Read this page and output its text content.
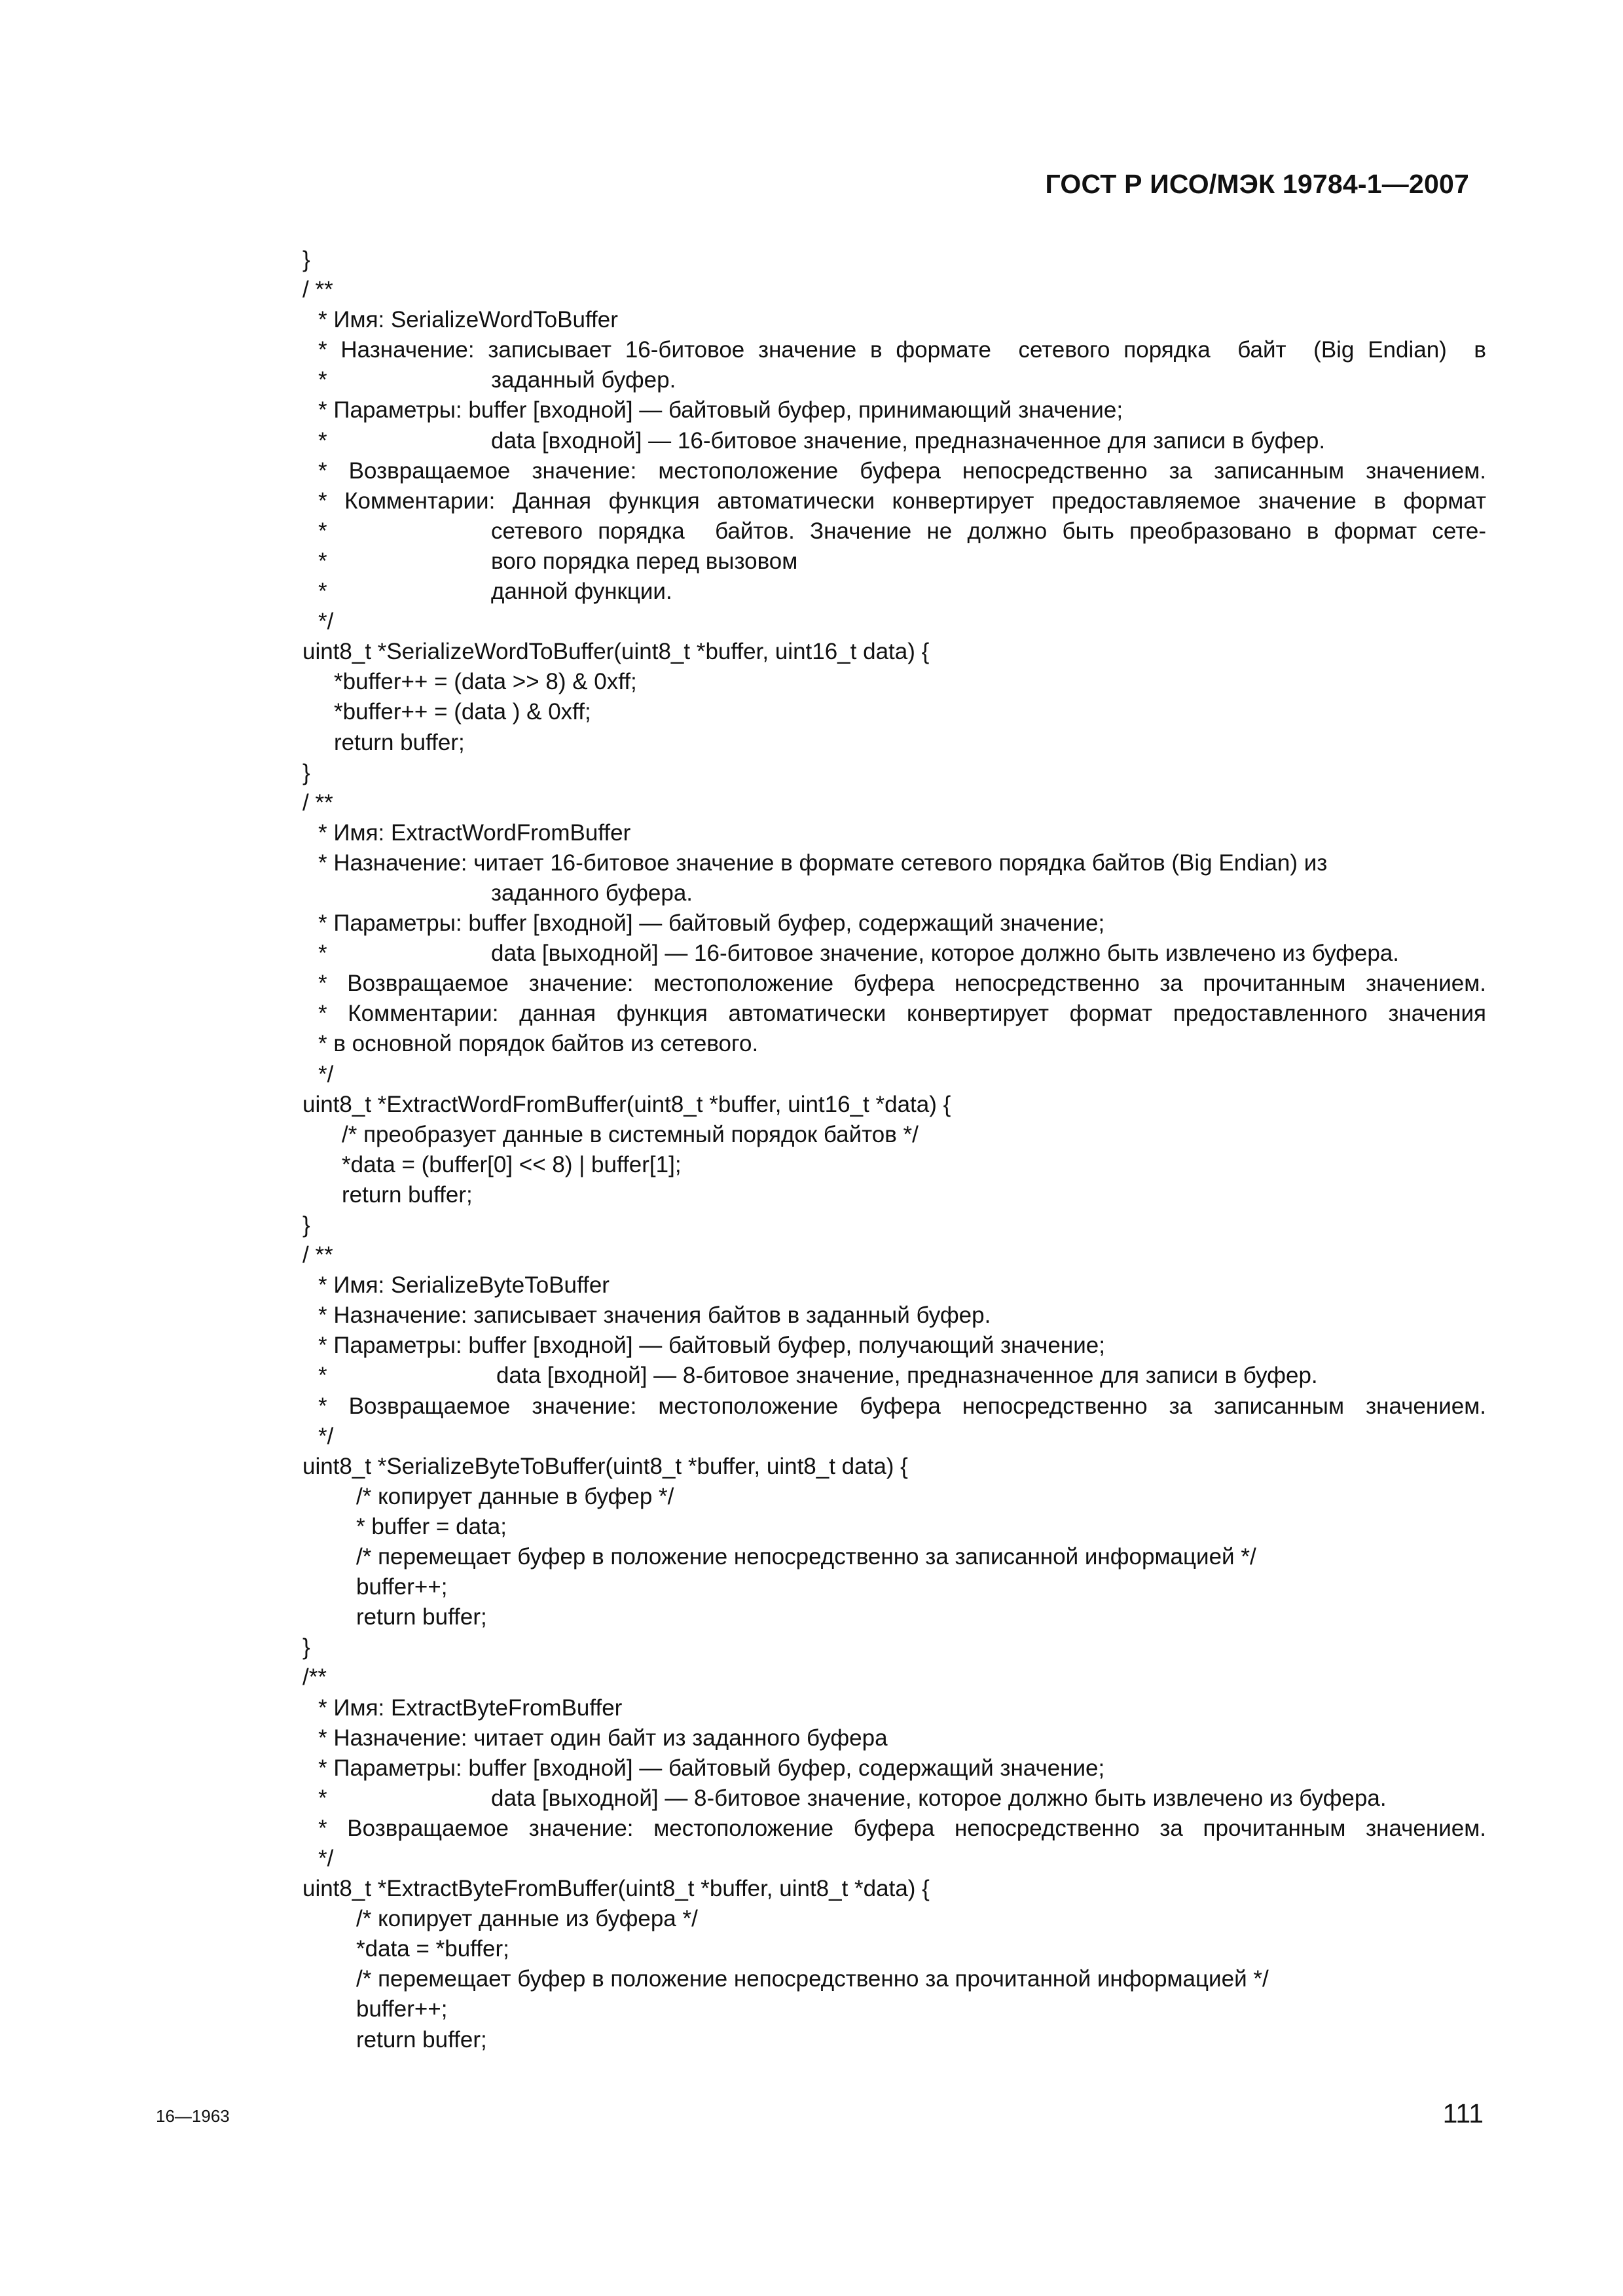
ГОСТ Р ИСО/МЭК 19784-1—2007
}
/ **
* Имя: SerializeWordToBuffer
* Назначение: записывает 16-битовое значение в формате  сетевого порядка  байт  (Big Endian)  в
*	заданный буфер.
* Параметры: buffer [входной] — байтовый буфер, принимающий значение;
*	data [входной] — 16-битовое значение, предназначенное для записи в буфер.
* Возвращаемое значение: местоположение буфера непосредственно за записанным значением.
* Комментарии: Данная функция автоматически конвертирует предоставляемое значение в формат
*	сетевого порядка  байтов. Значение не должно быть преобразовано в формат сете-
*	вого порядка перед вызовом
*	данной функции.
*/
uint8_t *SerializeWordToBuffer(uint8_t *buffer, uint16_t data) {
*buffer++ = (data >> 8) & 0xff;
*buffer++ = (data ) & 0xff;
return buffer;
}
/ **
* Имя: ExtractWordFromBuffer
* Назначение: читает 16-битовое значение в формате сетевого порядка байтов (Big Endian) из
заданного буфера.
* Параметры: buffer [входной] — байтовый буфер, содержащий значение;
*	data [выходной] — 16-битовое значение, которое должно быть извлечено из буфера.
* Возвращаемое значение: местоположение буфера непосредственно за прочитанным значением.
* Комментарии: данная функция автоматически конвертирует формат предоставленного значения
* в основной порядок байтов из сетевого.
*/
uint8_t *ExtractWordFromBuffer(uint8_t *buffer, uint16_t *data) {
/* преобразует данные в системный порядок байтов */
*data = (buffer[0] << 8) | buffer[1];
return buffer;
}
/ **
* Имя: SerializeByteToBuffer
* Назначение: записывает значения байтов в заданный буфер.
* Параметры: buffer [входной] — байтовый буфер, получающий значение;
*	data [входной] — 8-битовое значение, предназначенное для записи в буфер.
* Возвращаемое значение: местоположение буфера непосредственно за записанным значением.
*/
uint8_t *SerializeByteToBuffer(uint8_t *buffer, uint8_t data) {
/* копирует данные в буфер */
* buffer = data;
/* перемещает буфер в положение непосредственно за записанной информацией */
buffer++;
return buffer;
}
/**
* Имя: ExtractByteFromBuffer
* Назначение: читает один байт из заданного буфера
* Параметры: buffer [входной] — байтовый буфер, содержащий значение;
*	data [выходной] — 8-битовое значение, которое должно быть извлечено из буфера.
* Возвращаемое значение: местоположение буфера непосредственно за прочитанным значением.
*/
uint8_t *ExtractByteFromBuffer(uint8_t *buffer, uint8_t *data) {
/* копирует данные из буфера */
*data = *buffer;
/* перемещает буфер в положение непосредственно за прочитанной информацией */
buffer++;
return buffer;
16—1963	111
